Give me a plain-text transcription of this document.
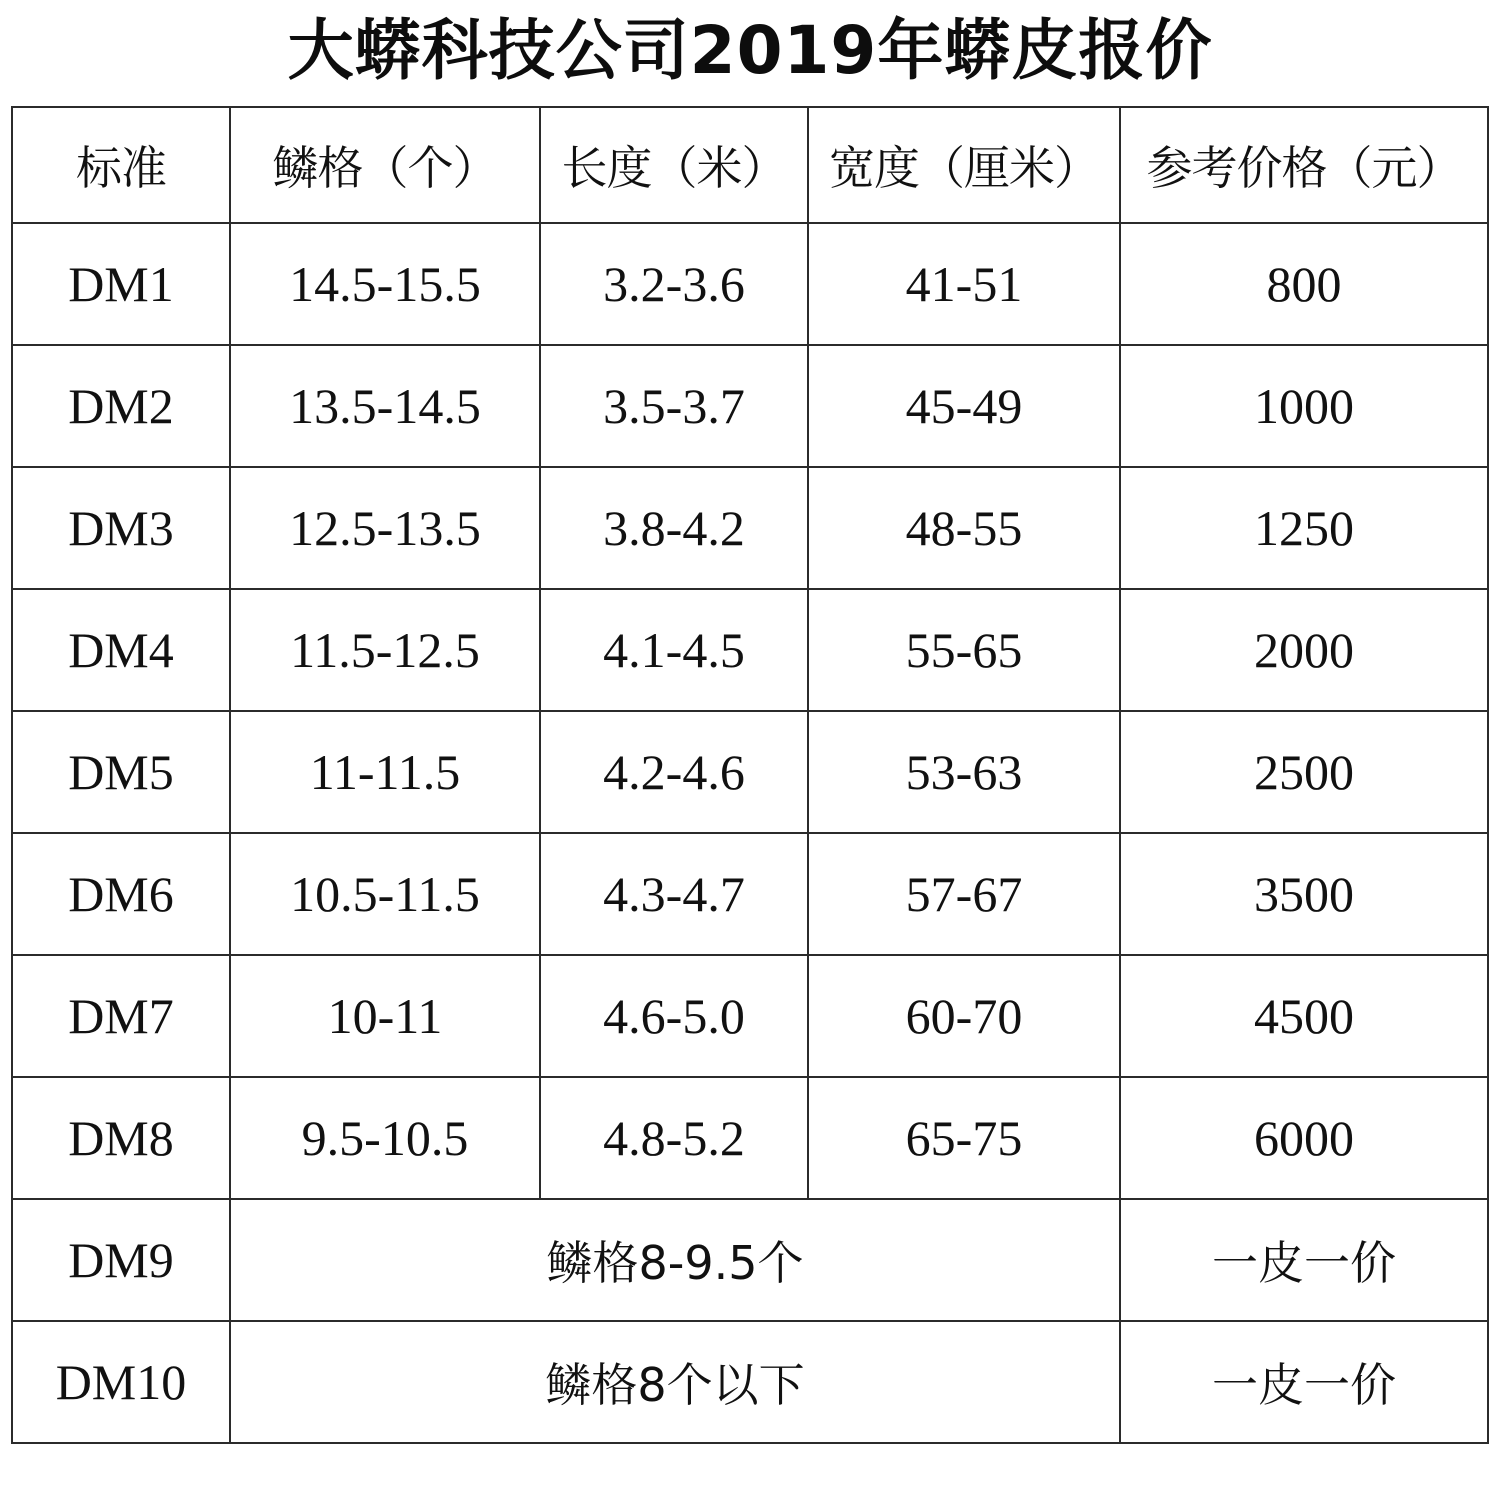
大蟒科技公司2019年蟒皮报价
标准	鳞格（个）	长度（米）	宽度（厘米）	参考价格（元）
DM1	14.5-15.5	3.2-3.6	41-51	800
DM2	13.5-14.5	3.5-3.7	45-49	1000
DM3	12.5-13.5	3.8-4.2	48-55	1250
DM4	11.5-12.5	4.1-4.5	55-65	2000
DM5	11-11.5	4.2-4.6	53-63	2500
DM6	10.5-11.5	4.3-4.7	57-67	3500
DM7	10-11	4.6-5.0	60-70	4500
DM8	9.5-10.5	4.8-5.2	65-75	6000
DM9	鳞格8-9.5个			一皮一价
DM10	鳞格8个以下			一皮一价
